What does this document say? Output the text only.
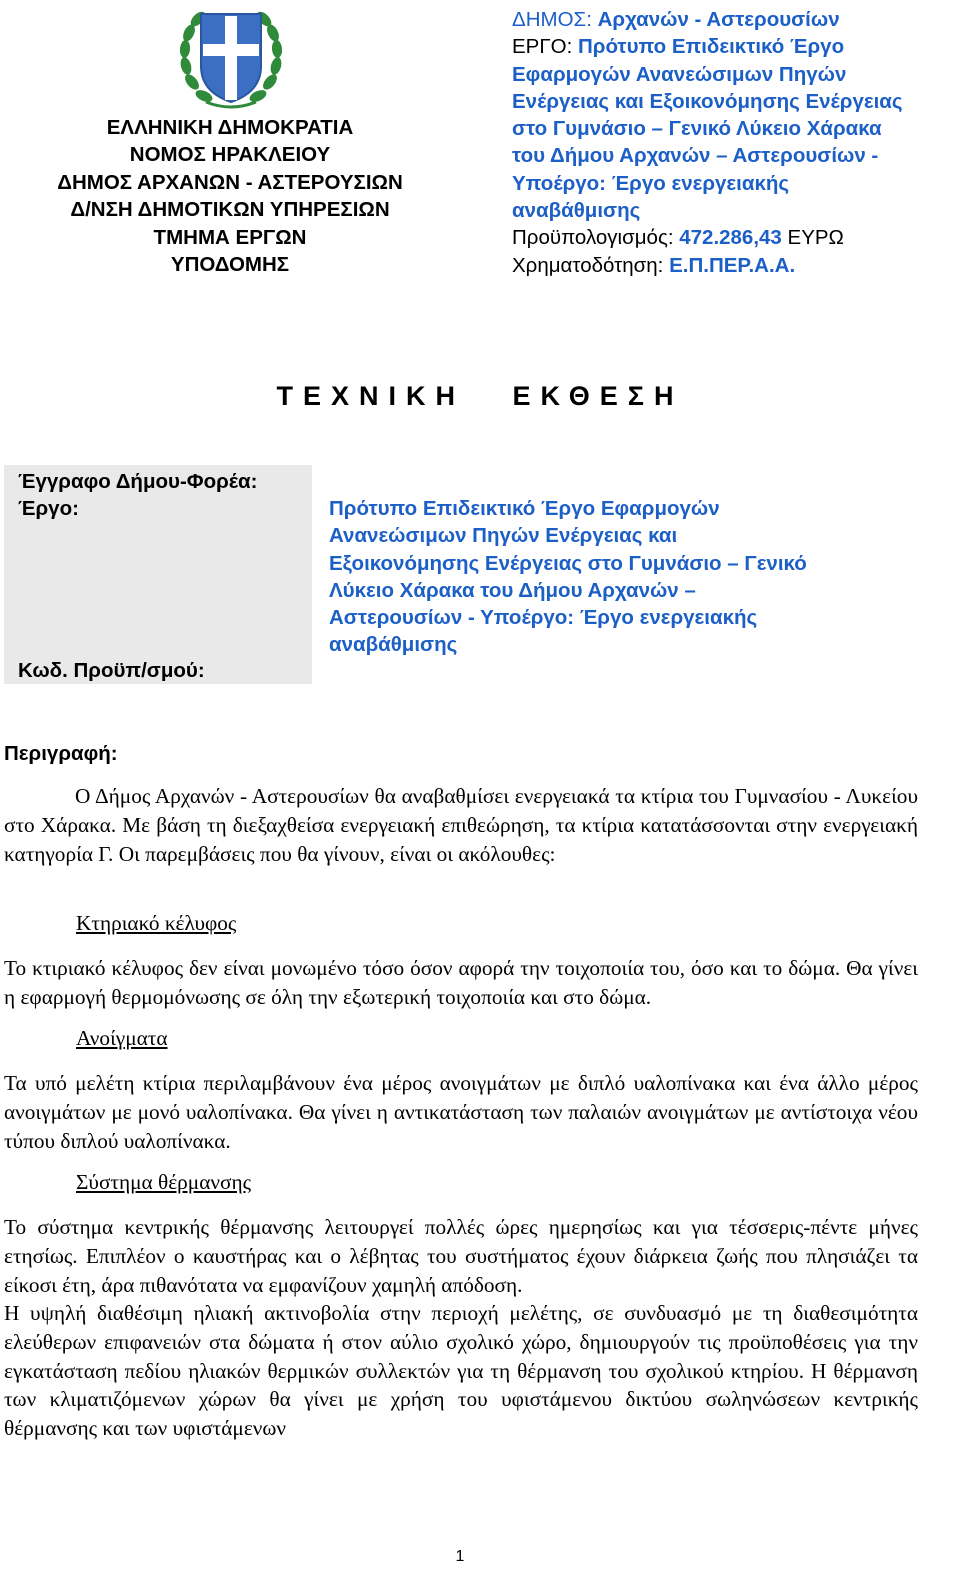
ΕΛΛΗΝΙΚΗ ΔΗΜΟΚΡΑΤΙΑ
ΝΟΜΟΣ ΗΡΑΚΛΕΙΟΥ
ΔΗΜΟΣ ΑΡΧΑΝΩΝ - ΑΣΤΕΡΟΥΣΙΩΝ
Δ/ΝΣΗ ΔΗΜΟΤΙΚΩΝ ΥΠΗΡΕΣΙΩΝ
ΤΜΗΜΑ ΕΡΓΩΝ
ΥΠΟΔΟΜΗΣ
ΔΗΜΟΣ: Αρχανών - Αστερουσίων
ΕΡΓΟ: Πρότυπο Επιδεικτικό Έργο
Εφαρμογών Ανανεώσιμων Πηγών
Ενέργειας και Εξοικονόμησης Ενέργειας
στο Γυμνάσιο – Γενικό Λύκειο Χάρακα
του Δήμου Αρχανών – Αστερουσίων -
Υποέργο: Έργο ενεργειακής
αναβάθμισης
Προϋπολογισμός: 472.286,43 ΕΥΡΩ
Χρηματοδότηση: Ε.Π.ΠΕΡ.Α.Α.
ΤΕΧΝΙΚΗ ΕΚΘΕΣΗ
Έγγραφο Δήμου-Φορέα:
Έργο:
Κωδ. Προϋπ/σμού:
Πρότυπο Επιδεικτικό Έργο Εφαρμογών
Ανανεώσιμων Πηγών Ενέργειας και
Εξοικονόμησης Ενέργειας στο Γυμνάσιο – Γενικό
Λύκειο Χάρακα του Δήμου Αρχανών –
Αστερουσίων - Υποέργο: Έργο ενεργειακής
αναβάθμισης
Περιγραφή:
Ο Δήμος Αρχανών - Αστερουσίων θα αναβαθμίσει ενεργειακά τα κτίρια του Γυμνασίου - Λυκείου στο Χάρακα. Με βάση τη διεξαχθείσα ενεργειακή επιθεώρηση, τα κτίρια κατατάσσονται στην ενεργειακή κατηγορία Γ. Οι παρεμβάσεις που θα γίνουν, είναι οι ακόλουθες:
Κτηριακό κέλυφος
Το κτιριακό κέλυφος δεν είναι μονωμένο τόσο όσον αφορά την τοιχοποιία του, όσο και το δώμα. Θα γίνει η εφαρμογή θερμομόνωσης σε όλη την εξωτερική τοιχοποιία και στο δώμα.
Ανοίγματα
Τα υπό μελέτη κτίρια περιλαμβάνουν ένα μέρος ανοιγμάτων με διπλό υαλοπίνακα και ένα άλλο μέρος ανοιγμάτων με μονό υαλοπίνακα. Θα γίνει η αντικατάσταση των παλαιών ανοιγμάτων με αντίστοιχα νέου τύπου διπλού υαλοπίνακα.
Σύστημα θέρμανσης
Το σύστημα κεντρικής θέρμανσης λειτουργεί πολλές ώρες ημερησίως και για τέσσερις-πέντε μήνες ετησίως. Επιπλέον ο καυστήρας και ο λέβητας του συστήματος έχουν διάρκεια ζωής που πλησιάζει τα είκοσι έτη, άρα πιθανότατα να εμφανίζουν χαμηλή απόδοση.
Η υψηλή διαθέσιμη ηλιακή ακτινοβολία στην περιοχή μελέτης, σε συνδυασμό με τη διαθεσιμότητα ελεύθερων επιφανειών στα δώματα ή στον αύλιο σχολικό χώρο, δημιουργούν τις προϋποθέσεις για την εγκατάσταση πεδίου ηλιακών θερμικών συλλεκτών για τη θέρμανση του σχολικού κτηρίου. Η θέρμανση των κλιματιζόμενων χώρων θα γίνει με χρήση του υφιστάμενου δικτύου σωληνώσεων κεντρικής θέρμανσης και των υφιστάμενων
1
